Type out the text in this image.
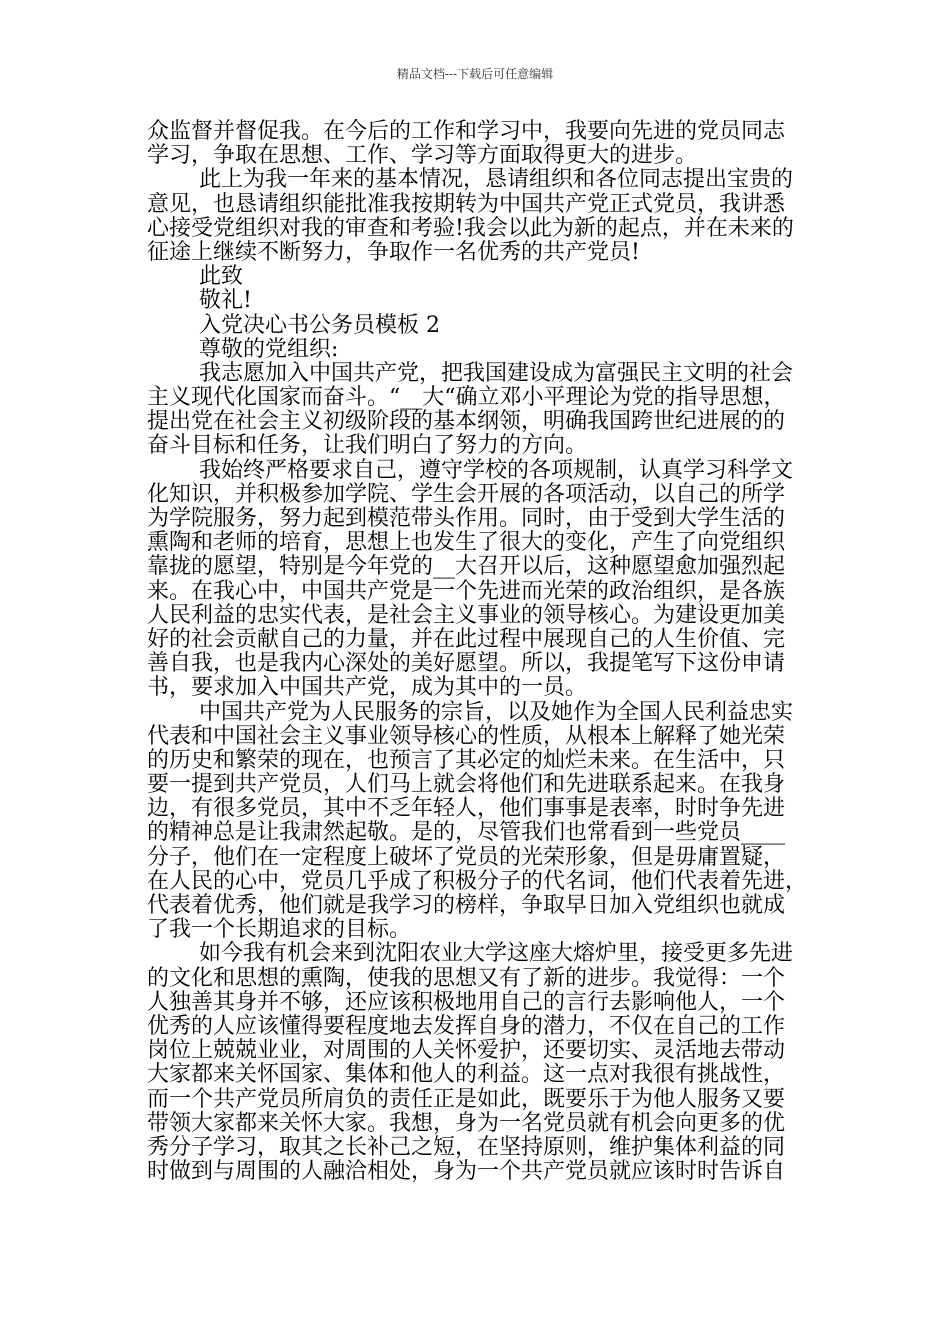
精品文档---下载后可任意编辑
众监督并督促我。在今后的工作和学习中，我要向先进的党员同志
学习，争取在思想、工作、学习等方面取得更大的进步。
此上为我一年来的基本情况，恳请组织和各位同志提出宝贵的
意见，也恳请组织能批准我按期转为中国共产党正式党员，我讲悉
心接受党组织对我的审查和考验!我会以此为新的起点，并在未来的
征途上继续不断努力，争取作一名优秀的共产党员!
此致
敬礼!
入党决心书公务员模板 2
尊敬的党组织:
我志愿加入中国共产党，把我国建设成为富强民主文明的社会
主义现代化国家而奋斗。“__大“确立邓小平理论为党的指导思想，
提出党在社会主义初级阶段的基本纲领，明确我国跨世纪进展的的
奋斗目标和任务，让我们明白了努力的方向。
我始终严格要求自己，遵守学校的各项规制，认真学习科学文
化知识，并积极参加学院、学生会开展的各项活动，以自己的所学
为学院服务，努力起到模范带头作用。同时，由于受到大学生活的
熏陶和老师的培育，思想上也发生了很大的变化，产生了向党组织
靠拢的愿望，特别是今年党的__大召开以后，这种愿望愈加强烈起
来。在我心中，中国共产党是一个先进而光荣的政治组织，是各族
人民利益的忠实代表，是社会主义事业的领导核心。为建设更加美
好的社会贡献自己的力量，并在此过程中展现自己的人生价值、完
善自我，也是我内心深处的美好愿望。所以，我提笔写下这份申请
书，要求加入中国共产党，成为其中的一员。
中国共产党为人民服务的宗旨，以及她作为全国人民利益忠实
代表和中国社会主义事业领导核心的性质，从根本上解释了她光荣
的历史和繁荣的现在，也预言了其必定的灿烂未来。在生活中，只
要一提到共产党员，人们马上就会将他们和先进联系起来。在我身
边，有很多党员，其中不乏年轻人，他们事事是表率，时时争先进
的精神总是让我肃然起敬。是的，尽管我们也常看到一些党员____
分子，他们在一定程度上破坏了党员的光荣形象，但是毋庸置疑，
在人民的心中，党员几乎成了积极分子的代名词，他们代表着先进，
代表着优秀，他们就是我学习的榜样，争取早日加入党组织也就成
了我一个长期追求的目标。
如今我有机会来到沈阳农业大学这座大熔炉里，接受更多先进
的文化和思想的熏陶，使我的思想又有了新的进步。我觉得：一个
人独善其身并不够，还应该积极地用自己的言行去影响他人，一个
优秀的人应该懂得要程度地去发挥自身的潜力，不仅在自己的工作
岗位上兢兢业业，对周围的人关怀爱护，还要切实、灵活地去带动
大家都来关怀国家、集体和他人的利益。这一点对我很有挑战性，
而一个共产党员所肩负的责任正是如此，既要乐于为他人服务又要
带领大家都来关怀大家。我想，身为一名党员就有机会向更多的优
秀分子学习，取其之长补己之短，在坚持原则，维护集体利益的同
时做到与周围的人融洽相处，身为一个共产党员就应该时时告诉自
